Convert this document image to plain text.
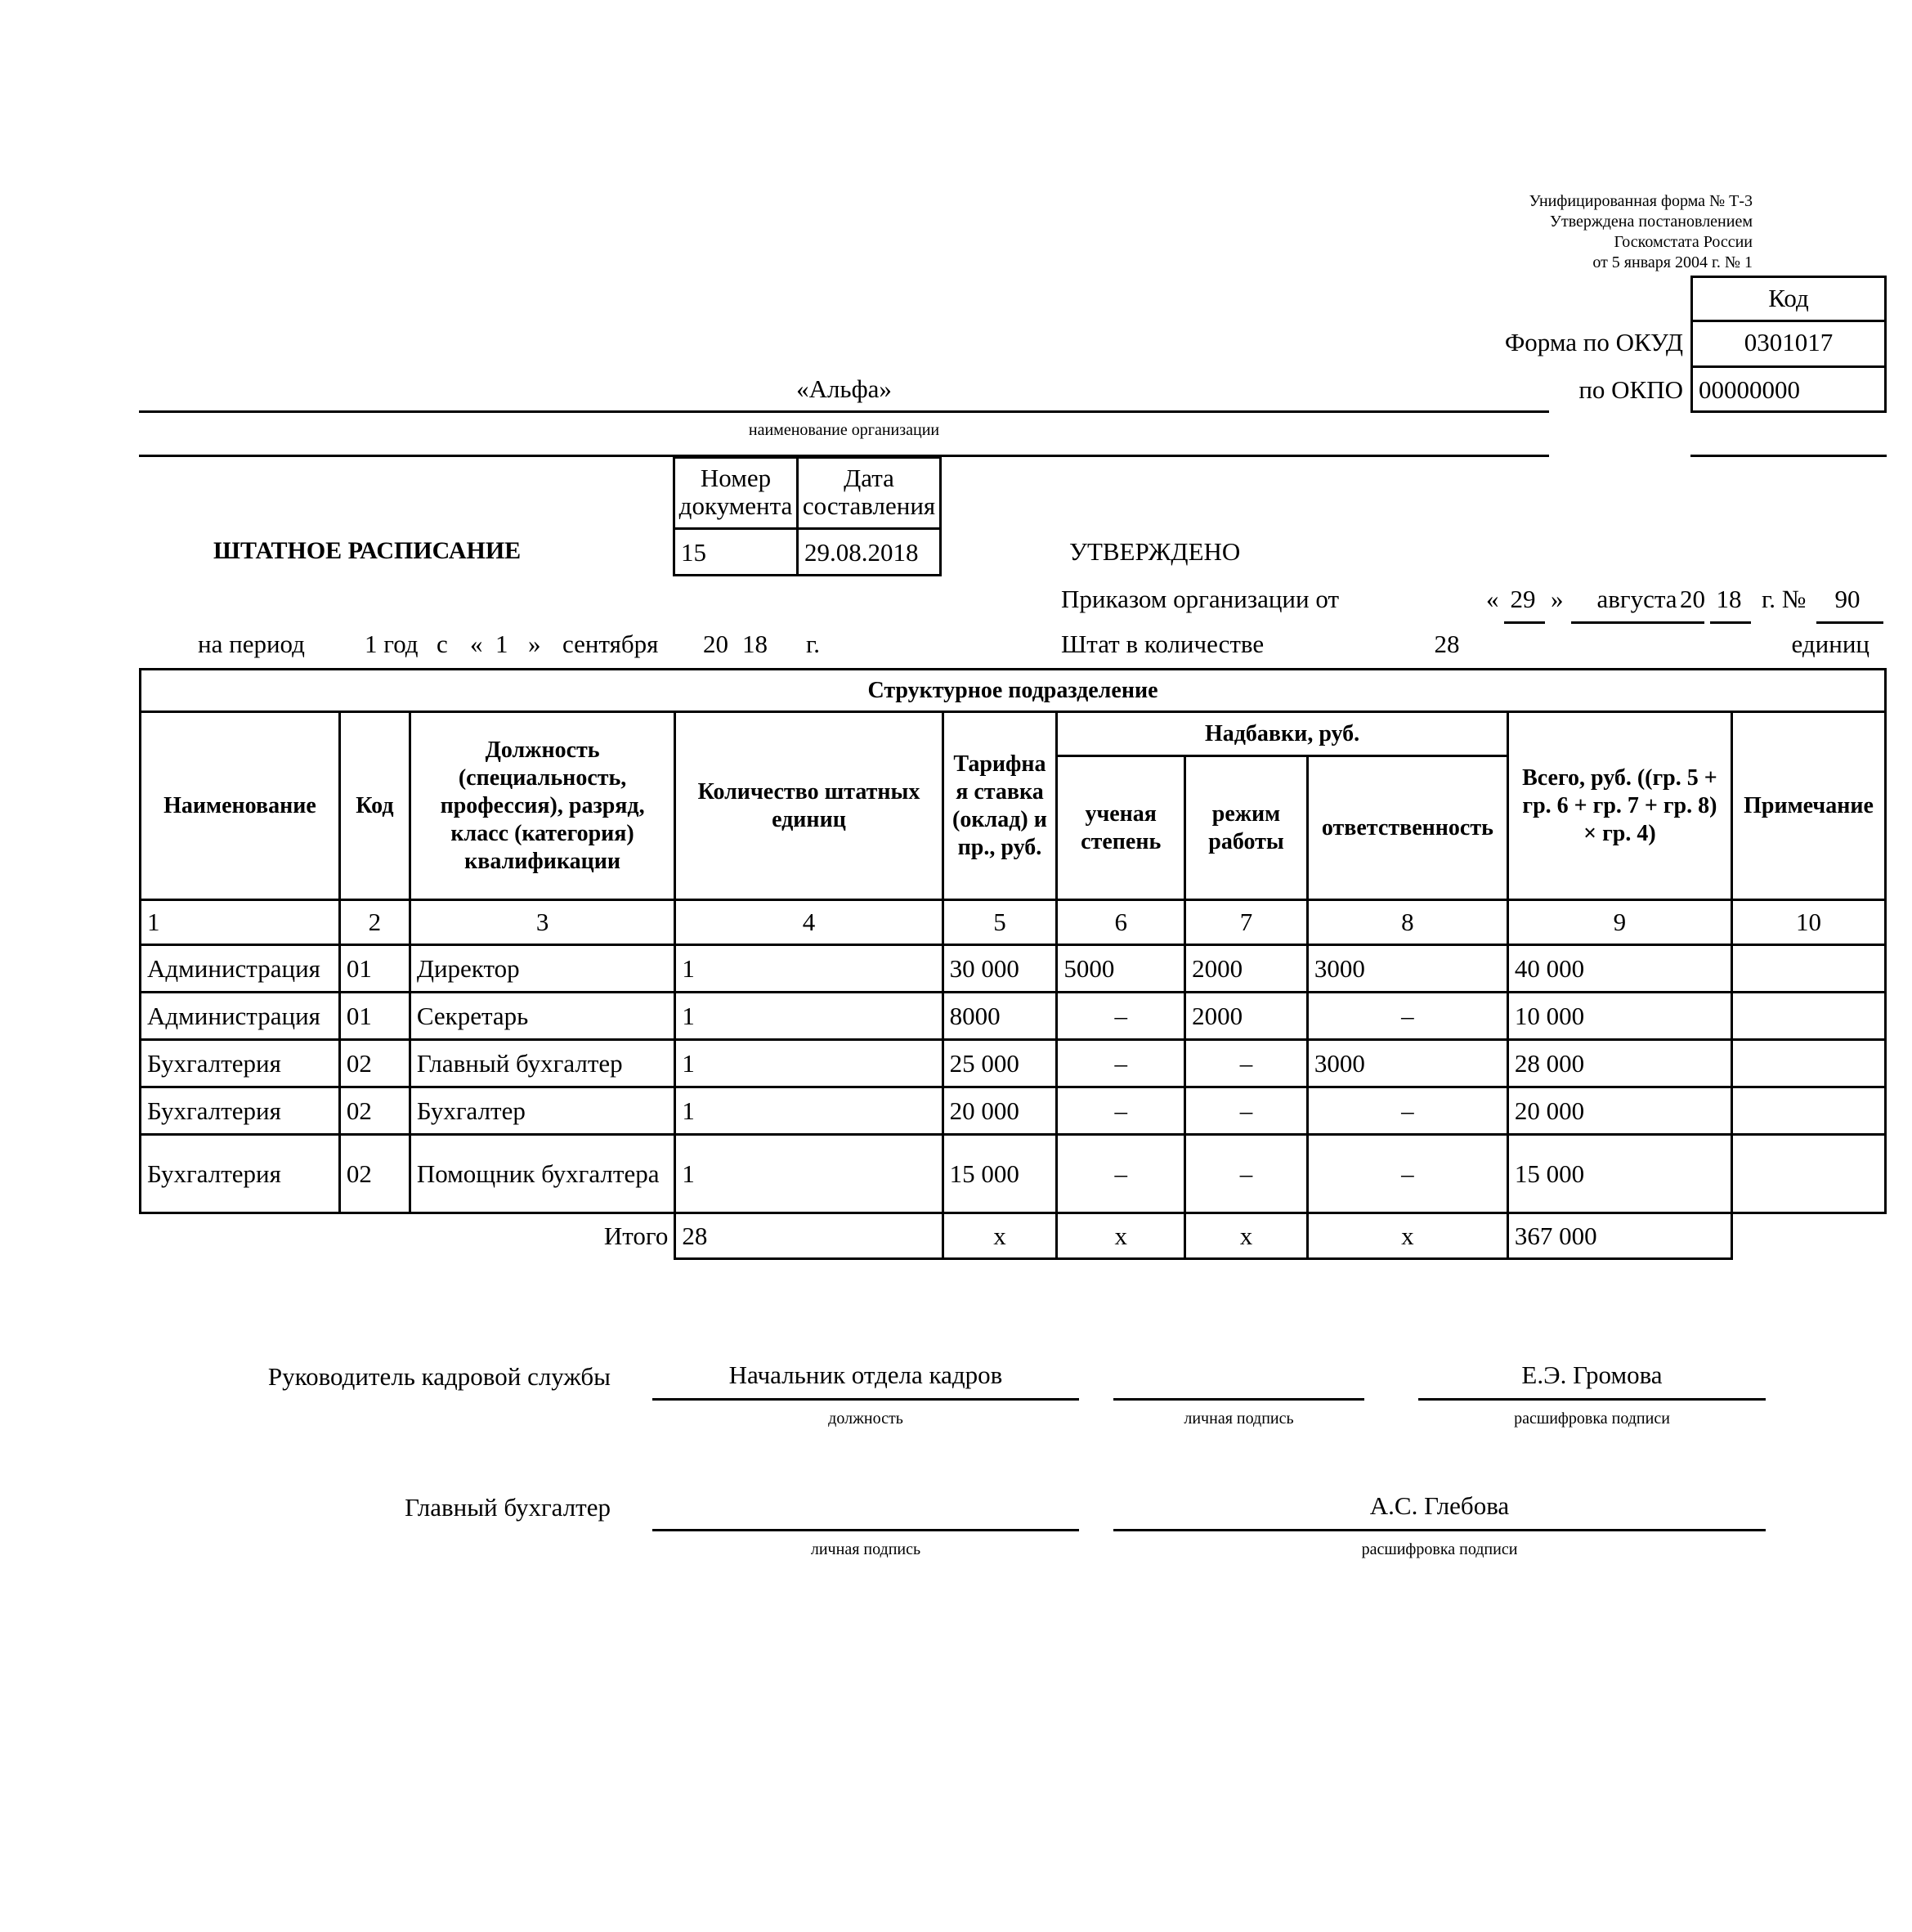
Унифицированная форма № Т-3
Утверждена постановлением
Госкомстата России
от 5 января 2004 г. № 1
Код
Форма по ОКУД	0301017
по ОКПО 00000000
«Альфа»
наименование организации
Номер документа
Дата составления
15	29.08.2018
ШТАТНОЕ РАСПИСАНИЕ	УТВЕРЖДЕНО
Приказом организации от	« 29 »	августа 20 18 г. №	90
Штат в количестве	28	единиц
на период 1 год с « 1 » сентября 20 18 г.
Структурное подразделение									
Наименование	Код	Должность (специальность, профессия), разряд, класс (категория) квалификации	Количество штатных единиц	Тарифная ставка (оклад) и пр., руб.	Надбавки, руб.			Всего, руб. ((гр. 5 + гр. 6 + гр. 7 + гр. 8) × гр. 4)	Примечание
					ученая степень	режим работы	ответственность		
1	2	3	4	5	6	7	8	9	10
Администрация	01	Директор	1	30 000	5000	2000	3000	40 000	
Администрация	01	Секретарь	1	8000	–	2000	–	10 000	
Бухгалтерия	02	Главный бухгалтер	1	25 000	–	–	3000	28 000	
Бухгалтерия	02	Бухгалтер	1	20 000	–	–	–	20 000	
Бухгалтерия	02	Помощник бухгалтера	1	15 000	–	–	–	15 000	
Итого			28	х	х	х	х	367 000	
Руководитель кадровой службы	Начальник отдела кадров
должность	личная подпись
Е.Э. Громова
расшифровка подписи
Главный бухгалтер
личная подпись
А.С. Глебова
расшифровка подписи
